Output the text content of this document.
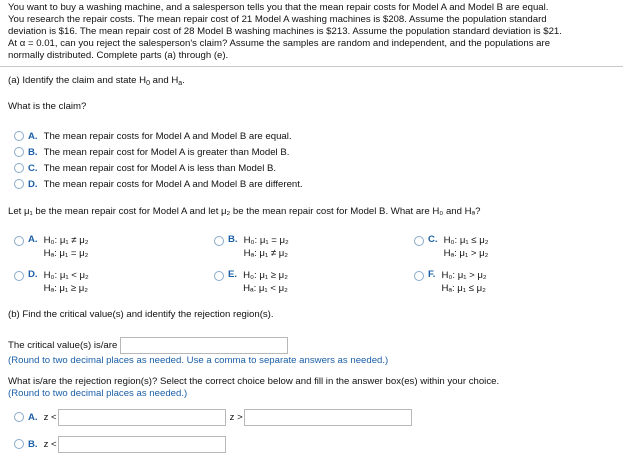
You want to buy a washing machine, and a salesperson tells you that the mean repair costs for Model A and Model B are equal.
You research the repair costs. The mean repair cost of 21 Model A washing machines is $208. Assume the population standard
deviation is $16. The mean repair cost of 28 Model B washing machines is $213. Assume the population standard deviation is $21.
At α = 0.01, can you reject the salesperson's claim? Assume the samples are random and independent, and the populations are
normally distributed. Complete parts (a) through (e).
(a) Identify the claim and state $H_0$ and $H_a$.
What is the claim?
A. The mean repair costs for Model A and Model B are equal.
B. The mean repair cost for Model A is greater than Model B.
C. The mean repair cost for Model A is less than Model B.
D. The mean repair costs for Model A and Model B are different.
Let μ₁ be the mean repair cost for Model A and let μ₂ be the mean repair cost for Model B. What are H₀ and Hₐ?
A. H₀: μ₁ ≠ μ₂
Hₐ: μ₁ = μ₂
B. H₀: μ₁ = μ₂
Hₐ: μ₁ ≠ μ₂
C. H₀: μ₁ ≤ μ₂
Hₐ: μ₁ > μ₂
D. H₀: μ₁ < μ₂
Hₐ: μ₁ ≥ μ₂
E. H₀: μ₁ ≥ μ₂
Hₐ: μ₁ < μ₂
F. H₀: μ₁ > μ₂
Hₐ: μ₁ ≤ μ₂
(b) Find the critical value(s) and identify the rejection region(s).
The critical value(s) is/are
(Round to two decimal places as needed. Use a comma to separate answers as needed.)
What is/are the rejection region(s)? Select the correct choice below and fill in the answer box(es) within your choice.
(Round to two decimal places as needed.)
A. z <	z >
B. z <
